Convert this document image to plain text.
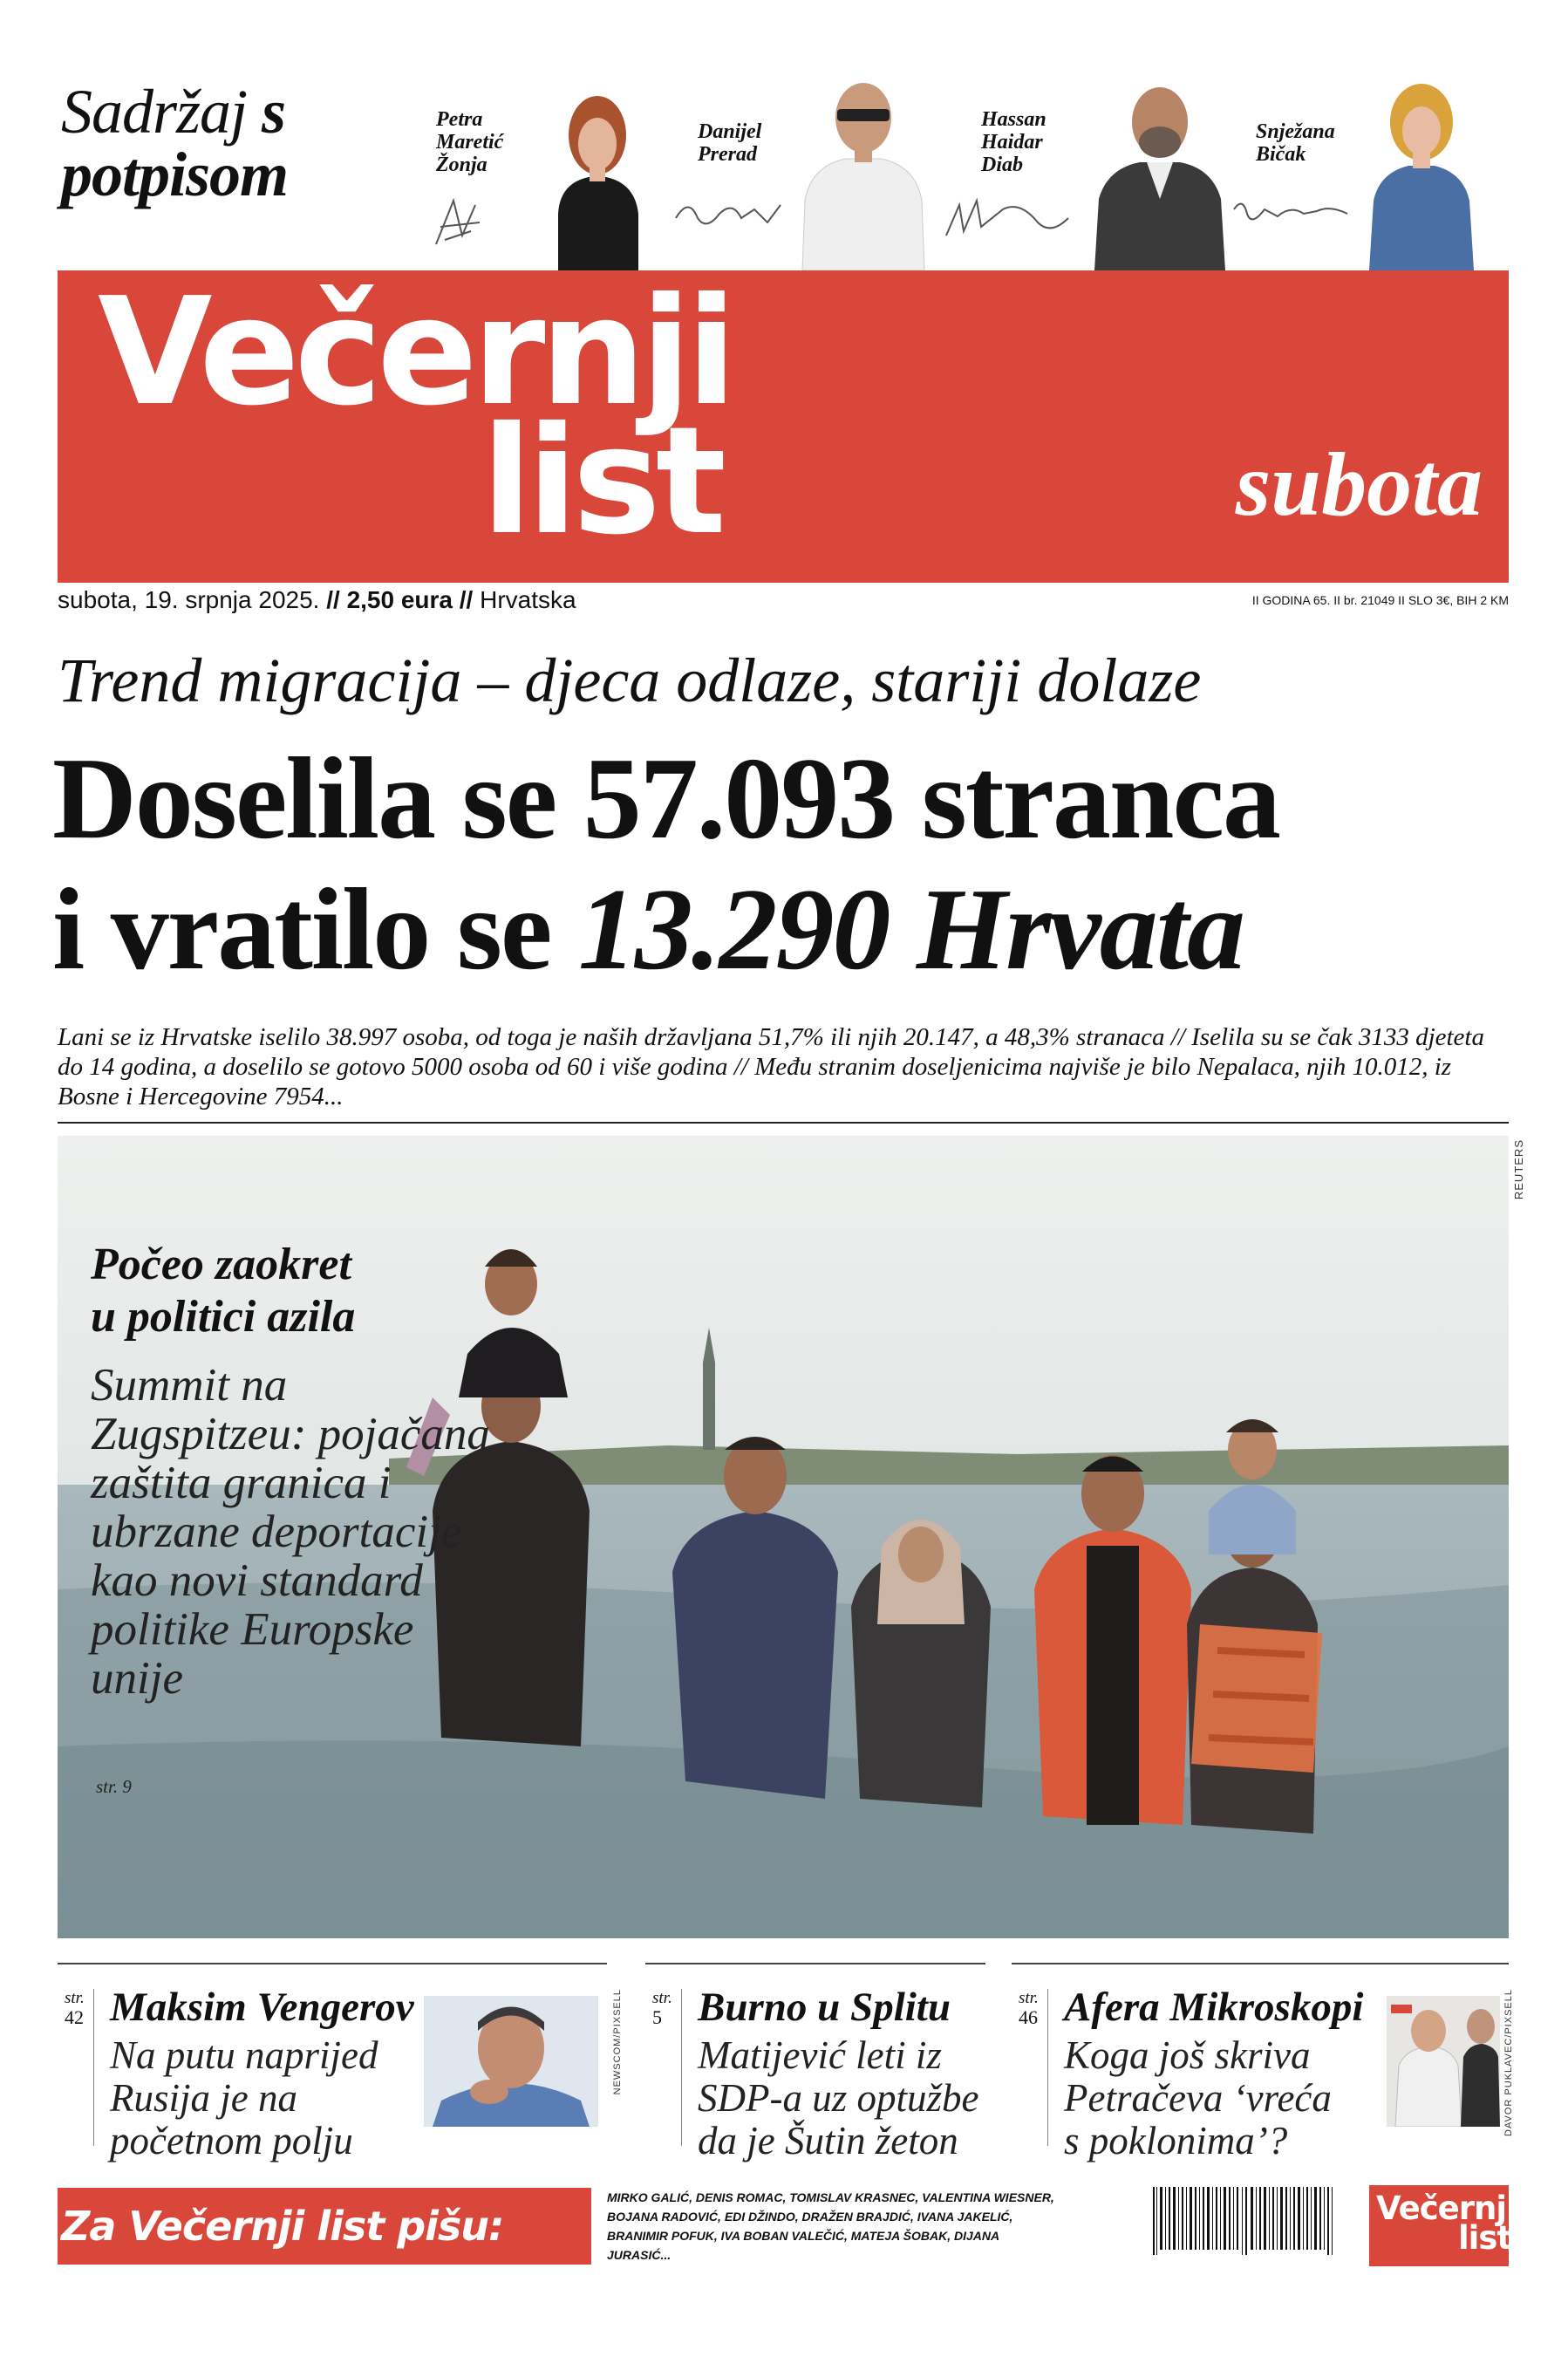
Sadržaj s
potpisom
Petra
Maretić
Žonja
Danijel
Prerad
Hassan
Haidar
Diab
Snježana
Bičak
Večernji
list	subota
subota, 19. srpnja 2025. // 2,50 eura // Hrvatska	II GODINA 65. II br. 21049 II SLO 3€, BIH 2 KM
Trend migracija – djeca odlaze, stariji dolaze
Doselila se 57.093 stranca
i vratilo se 13.290 Hrvata
Lani se iz Hrvatske iselilo 38.997 osoba, od toga je naših državljana 51,7% ili njih 20.147, a 48,3% stranaca // Iselila su se čak 3133 djeteta do 14 godina, a doselilo se gotovo 5000 osoba od 60 i više godina // Među stranim doseljenicima najviše je bilo Nepalaca, njih 10.012, iz Bosne i Hercegovine 7954...
REUTERS
Počeo zaokret
u politici azila
Summit na Zugspitzeu: pojačana zaštita granica i ubrzane deportacije kao novi standard politike Europske unije
str. 9
str.
42 Maksim Vengerov
Na putu naprijed
Rusija je na
početnom polju
NEWSCOM/PIXSELL str.
5 Burno u Splitu
Matijević leti iz
SDP-a uz optužbe
da je Šutin žeton
str.
46 Afera Mikroskopi
Koga još skriva
Petračeva ‘vreća
s poklonima’?
DAVOR PUKLAVEC/PIXSELL
Za Večernji list pišu:
MIRKO GALIĆ, DENIS ROMAC, TOMISLAV KRASNEC, VALENTINA WIESNER, BOJANA RADOVIĆ, EDI DŽINDO, DRAŽEN BRAJDIĆ, IVANA JAKELIĆ, BRANIMIR POFUK, IVA BOBAN VALEČIĆ, MATEJA ŠOBAK, DIJANA JURASIĆ...
Večernji
list
